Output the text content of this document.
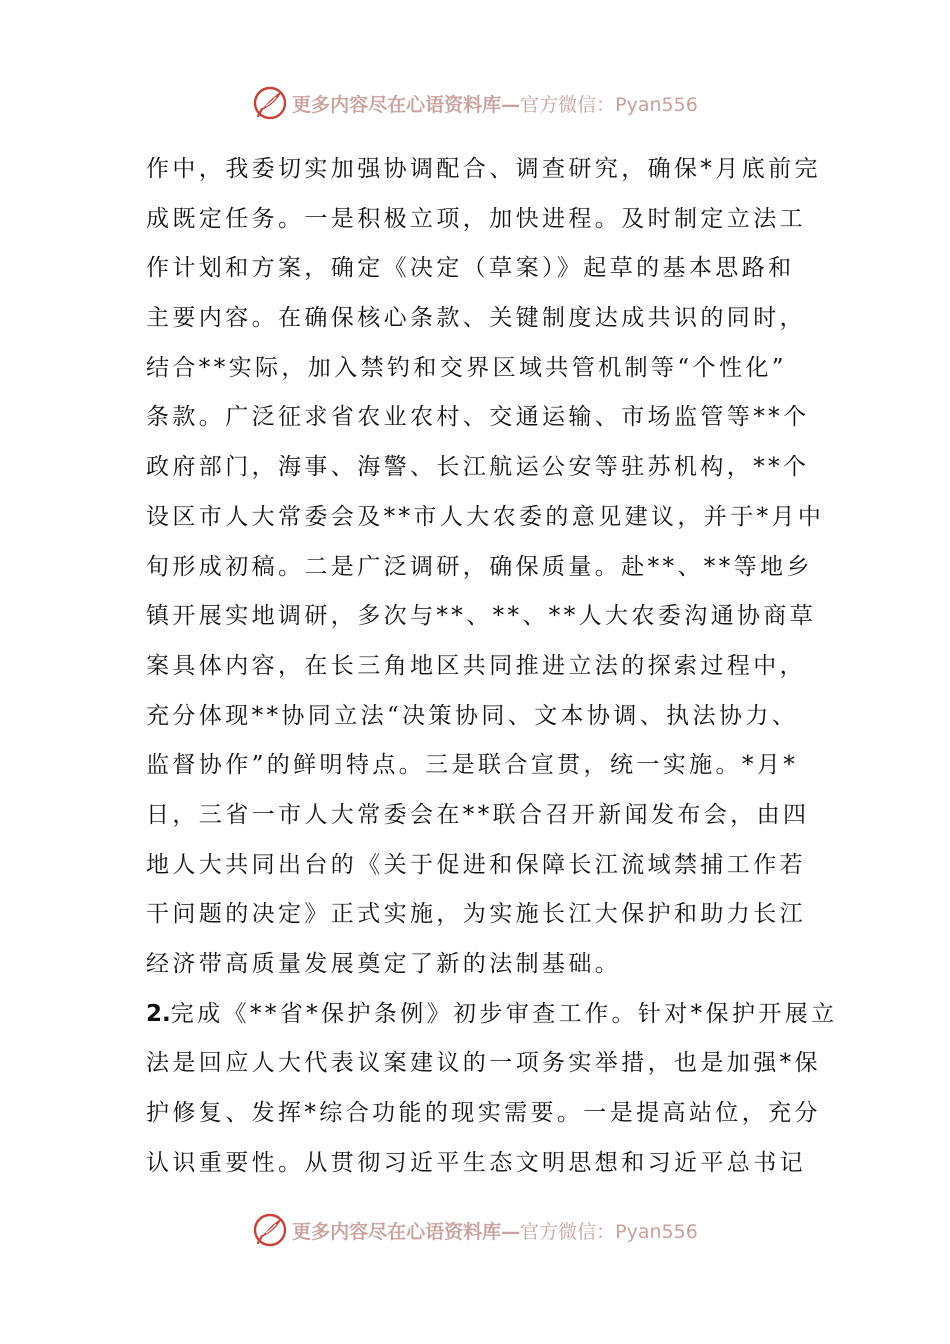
更多内容尽在心语资料库— 官方微信：Pyan556
作中，我委切实加强协调配合、调查研究，确保*月底前完
成既定任务。一是积极立项，加快进程。及时制定立法工
作计划和方案，确定《决定（草案）》起草的基本思路和
主要内容。在确保核心条款、关键制度达成共识的同时，
结合**实际，加入禁钓和交界区域共管机制等“个性化”
条款。广泛征求省农业农村、交通运输、市场监管等**个
政府部门，海事、海警、长江航运公安等驻苏机构，**个
设区市人大常委会及**市人大农委的意见建议，并于*月中
旬形成初稿。二是广泛调研，确保质量。赴**、**等地乡
镇开展实地调研，多次与**、**、**人大农委沟通协商草
案具体内容，在长三角地区共同推进立法的探索过程中，
充分体现**协同立法“决策协同、文本协调、执法协力、
监督协作”的鲜明特点。三是联合宣贯，统一实施。*月*
日，三省一市人大常委会在**联合召开新闻发布会，由四
地人大共同出台的《关于促进和保障长江流域禁捕工作若
干问题的决定》正式实施，为实施长江大保护和助力长江
经济带高质量发展奠定了新的法制基础。
2.完成《**省*保护条例》初步审查工作。针对*保护开展立
法是回应人大代表议案建议的一项务实举措，也是加强*保
护修复、发挥*综合功能的现实需要。一是提高站位，充分
认识重要性。从贯彻习近平生态文明思想和习近平总书记
更多内容尽在心语资料库— 官方微信：Pyan556
